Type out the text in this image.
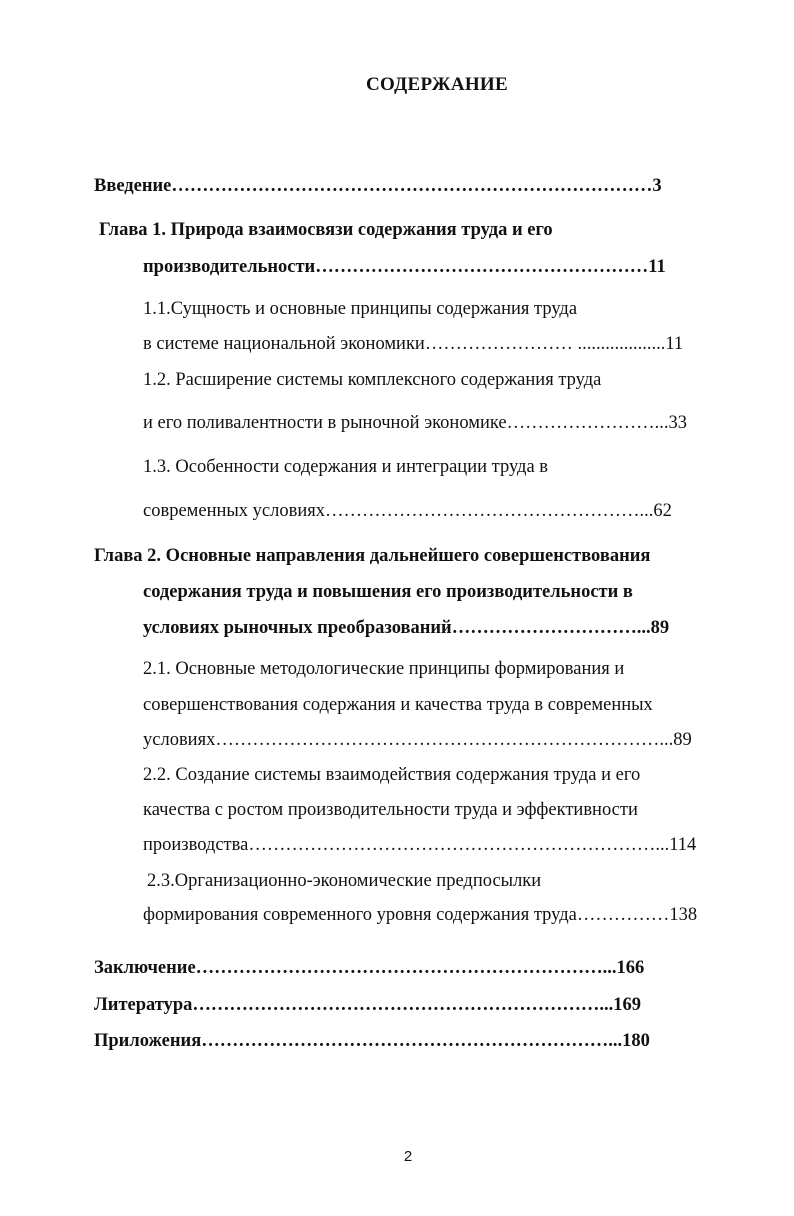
СОДЕРЖАНИЕ
Введение……………………………………………………………………3
Глава 1. Природа взаимосвязи содержания труда и его
производительности………………………………………………11
1.1.Сущность и основные принципы содержания труда
в системе национальной экономики…………………… ...................11
1.2. Расширение системы комплексного содержания труда
и его поливалентности в рыночной экономике……………………...33
1.3. Особенности содержания и интеграции труда в
современных условиях……………………………………………...62
Глава 2. Основные направления дальнейшего совершенствования
содержания труда и повышения его производительности в
условиях рыночных преобразований…………………………...89
2.1. Основные методологические принципы формирования и
совершенствования содержания и качества труда в современных
условиях………………………………………………………………...89
2.2. Создание системы взаимодействия содержания труда и его
качества с ростом производительности труда и эффективности
производства…………………………………………………………...114
2.3.Организационно-экономические предпосылки
формирования современного уровня содержания труда……………138
Заключение…………………………………………………………...166
Литература…………………………………………………………...169
Приложения…………………………………………………………...180
2
